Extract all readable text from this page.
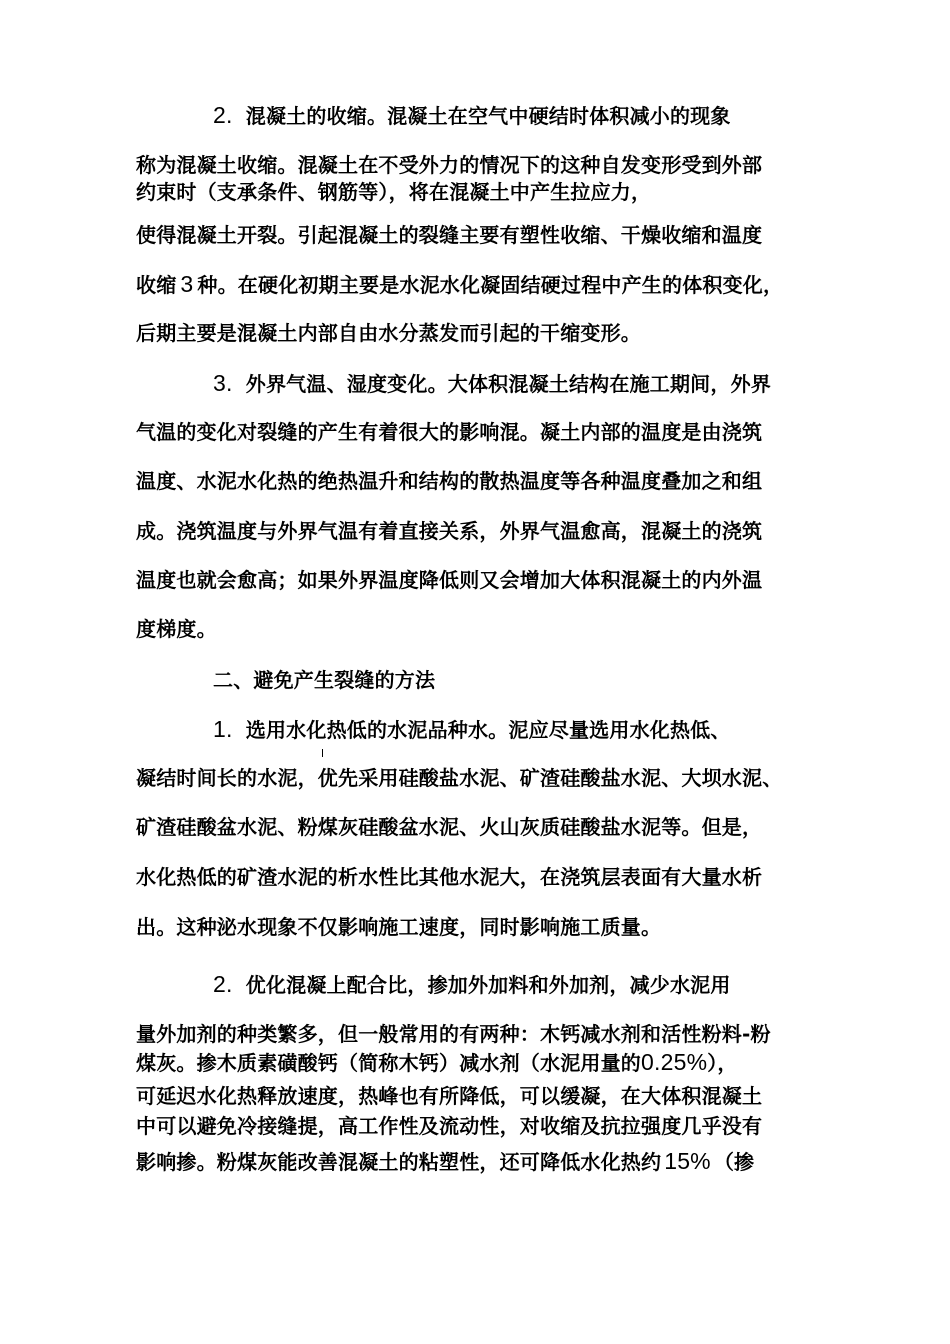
2. 混凝土的收缩。混凝土在空气中硬结时体积减小的现象
称为混凝土收缩。混凝土在不受外力的情况下的这种自发变形受到外部
约束时（支承条件、钢筋等），将在混凝土中产生拉应力，
使得混凝土开裂。引起混凝土的裂缝主要有塑性收缩、干燥收缩和温度
收缩 3 种。在硬化初期主要是水泥水化凝固结硬过程中产生的体积变化，
后期主要是混凝土内部自由水分蒸发而引起的干缩变形。
3. 外界气温、湿度变化。大体积混凝土结构在施工期间，外界
气温的变化对裂缝的产生有着很大的影响混。凝土内部的温度是由浇筑
温度、水泥水化热的绝热温升和结构的散热温度等各种温度叠加之和组
成。浇筑温度与外界气温有着直接关系，外界气温愈高，混凝土的浇筑
温度也就会愈高；如果外界温度降低则又会增加大体积混凝土的内外温
度梯度。
二、避免产生裂缝的方法
1. 选用水化热低的水泥品种水。泥应尽量选用水化热低、
凝结时间长的水泥，优先采用硅酸盐水泥、矿渣硅酸盐水泥、大坝水泥、
矿渣硅酸盆水泥、粉煤灰硅酸盆水泥、火山灰质硅酸盐水泥等。但是，
水化热低的矿渣水泥的析水性比其他水泥大，在浇筑层表面有大量水析
出。这种泌水现象不仅影响施工速度，同时影响施工质量。
2. 优化混凝上配合比，掺加外加料和外加剂，减少水泥用
量外加剂的种类繁多，但一般常用的有两种：木钙减水剂和活性粉料-粉
煤灰。掺木质素磺酸钙（简称木钙）减水剂（水泥用量的0.25%），
可延迟水化热释放速度，热峰也有所降低，可以缓凝，在大体积混凝土
中可以避免冷接缝提，高工作性及流动性，对收缩及抗拉强度几乎没有
影响掺。粉煤灰能改善混凝土的粘塑性，还可降低水化热约 15% （掺
